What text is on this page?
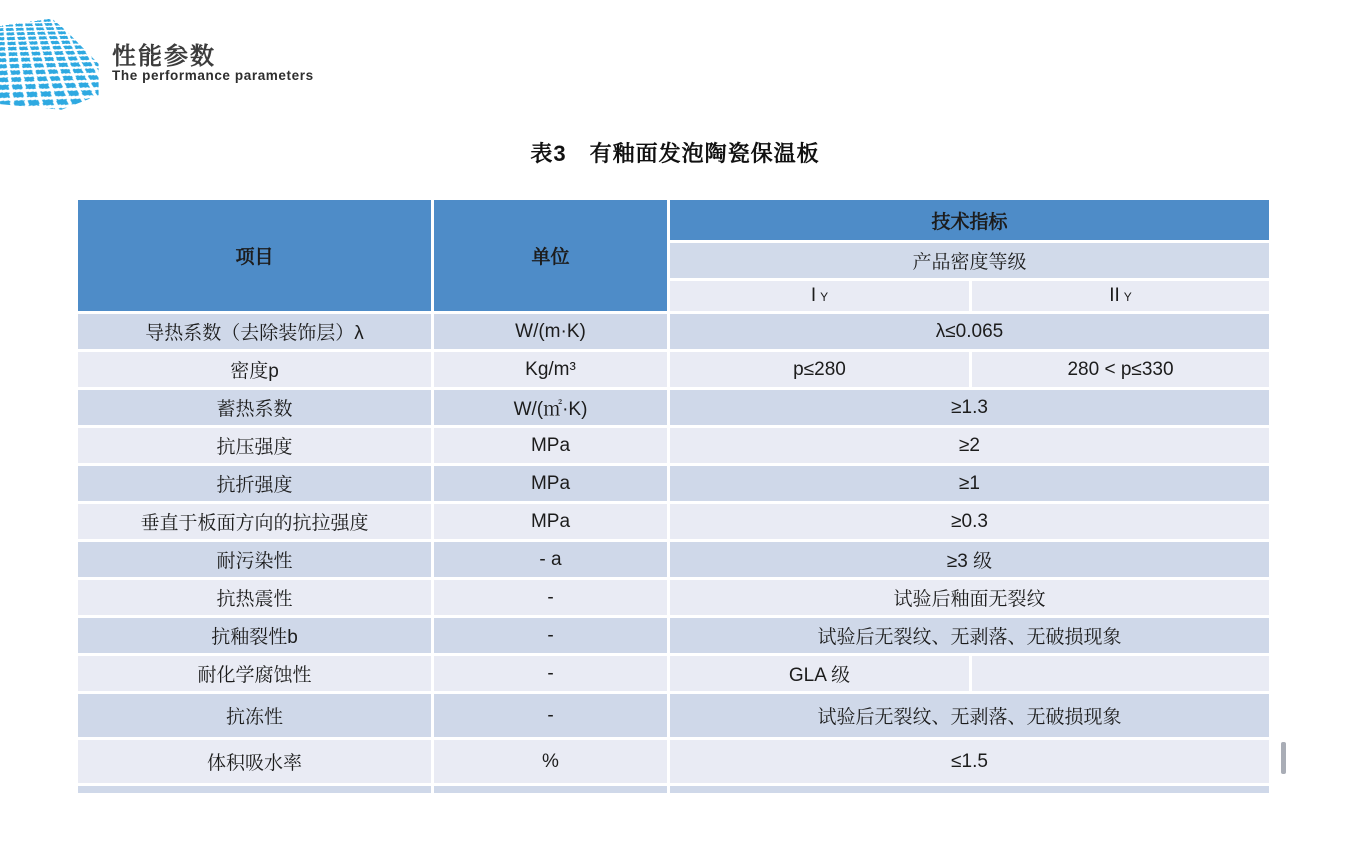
性能参数
The performance parameters
表3　有釉面发泡陶瓷保温板
项目	单位	技术指标	
		产品密度等级	
		I Y	II Y
导热系数（去除装饰层）λ	W/(m·K)	λ≤0.065	
密度p	Kg/m³	p≤280	280 < p≤330
蓄热系数	W/(㎡·K)	≥1.3	
抗压强度	MPa	≥2	
抗折强度	MPa	≥1	
垂直于板面方向的抗拉强度	MPa	≥0.3	
耐污染性	- a	≥3 级	
抗热震性	-	试验后釉面无裂纹	
抗釉裂性b	-	试验后无裂纹、无剥落、无破损现象	
耐化学腐蚀性	-	GLA 级	
抗冻性	-	试验后无裂纹、无剥落、无破损现象	
体积吸水率	%	≤1.5	
